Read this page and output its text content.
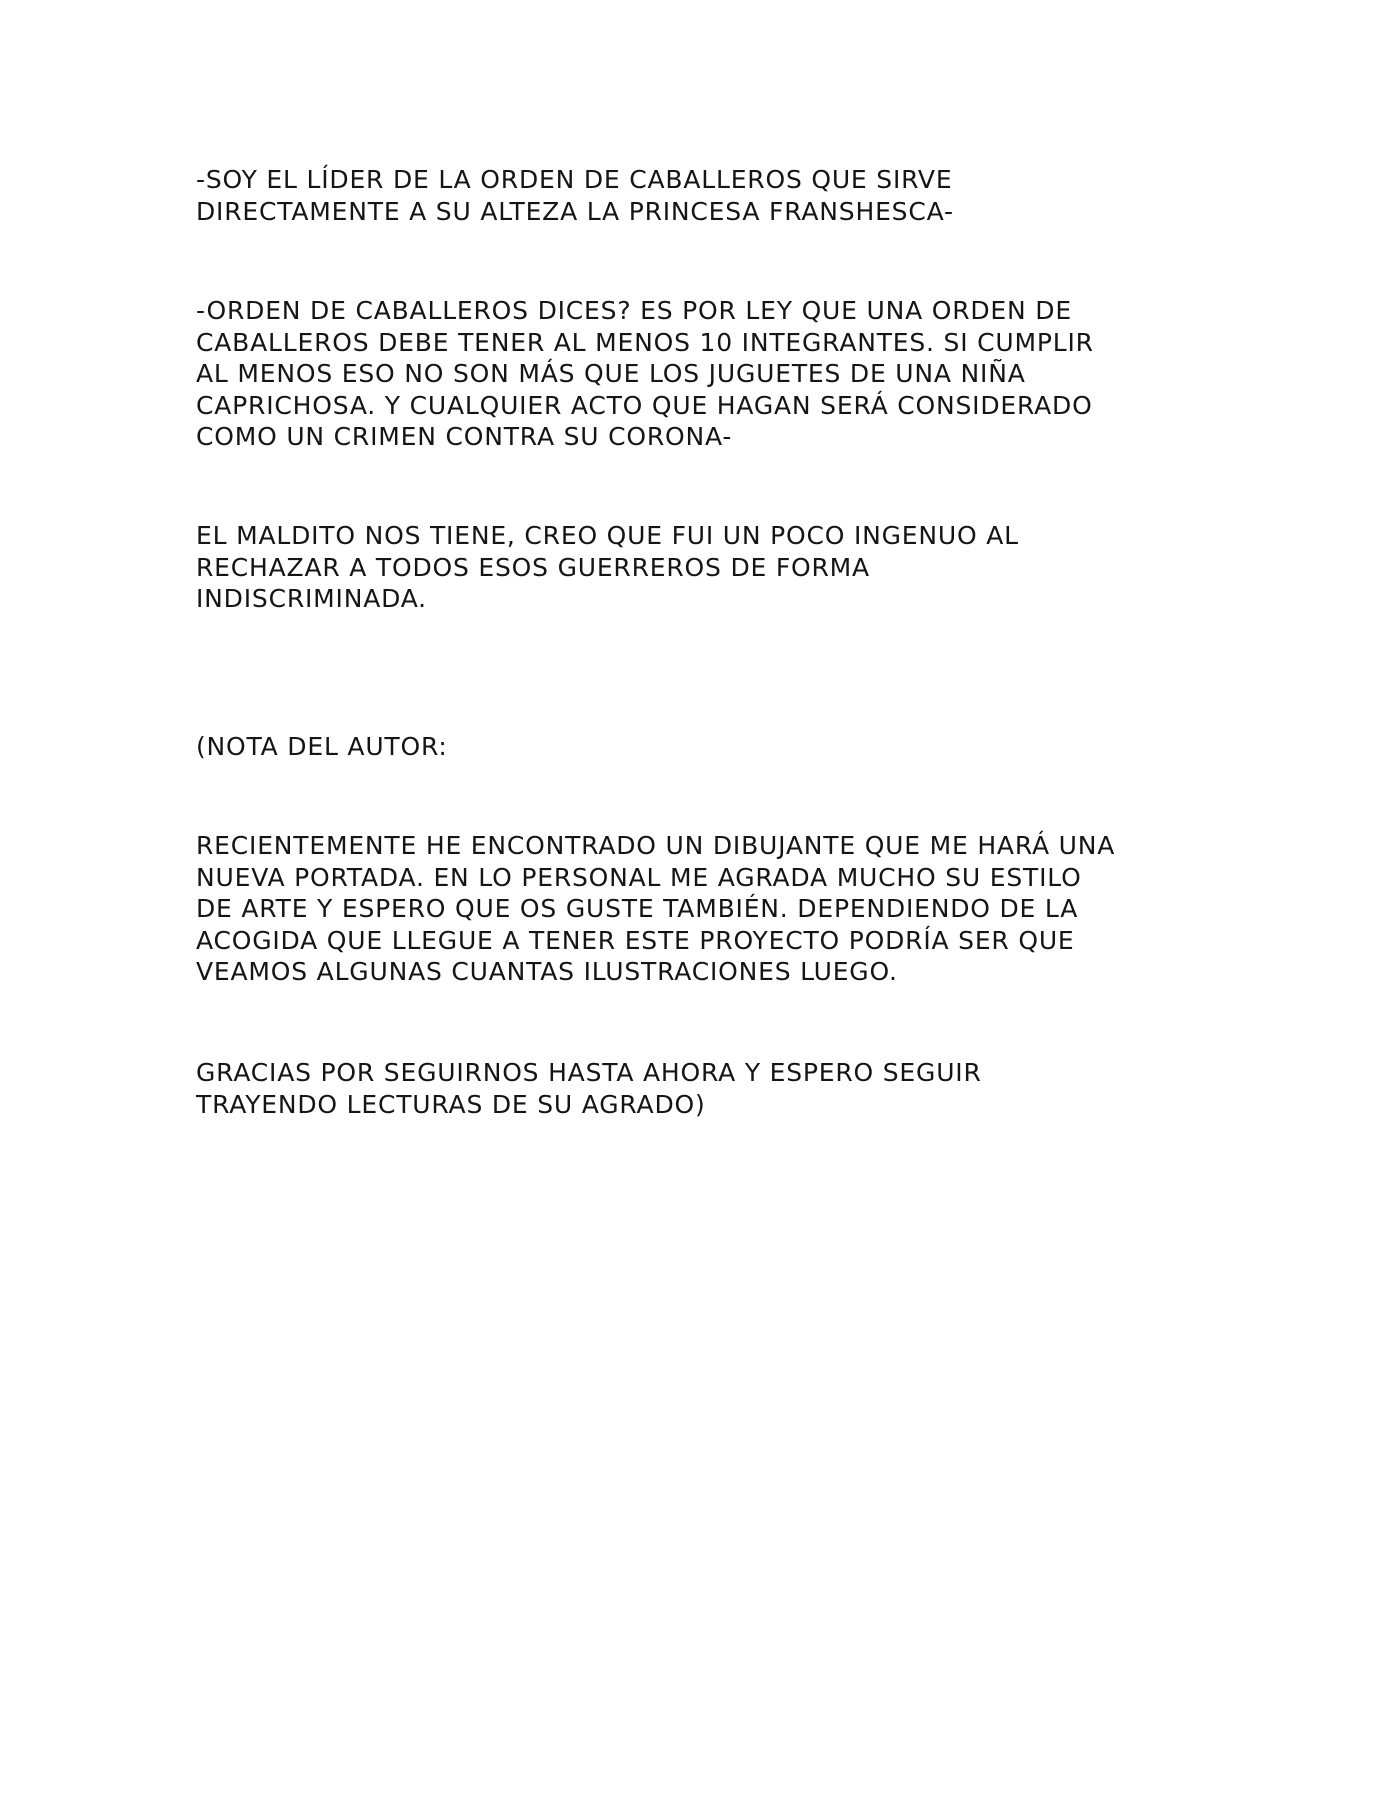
-SOY EL LÍDER DE LA ORDEN DE CABALLEROS QUE SIRVE
DIRECTAMENTE A SU ALTEZA LA PRINCESA FRANSHESCA-

-ORDEN DE CABALLEROS DICES? ES POR LEY QUE UNA ORDEN DE
CABALLEROS DEBE TENER AL MENOS 10 INTEGRANTES. SI CUMPLIR
AL MENOS ESO NO SON MÁS QUE LOS JUGUETES DE UNA NIÑA
CAPRICHOSA. Y CUALQUIER ACTO QUE HAGAN SERÁ CONSIDERADO
COMO UN CRIMEN CONTRA SU CORONA-

EL MALDITO NOS TIENE, CREO QUE FUI UN POCO INGENUO AL
RECHAZAR A TODOS ESOS GUERREROS DE FORMA
INDISCRIMINADA.

(NOTA DEL AUTOR:

RECIENTEMENTE HE ENCONTRADO UN DIBUJANTE QUE ME HARÁ UNA
NUEVA PORTADA. EN LO PERSONAL ME AGRADA MUCHO SU ESTILO
DE ARTE Y ESPERO QUE OS GUSTE TAMBIÉN. DEPENDIENDO DE LA
ACOGIDA QUE LLEGUE A TENER ESTE PROYECTO PODRÍA SER QUE
VEAMOS ALGUNAS CUANTAS ILUSTRACIONES LUEGO.

GRACIAS POR SEGUIRNOS HASTA AHORA Y ESPERO SEGUIR
TRAYENDO LECTURAS DE SU AGRADO)
